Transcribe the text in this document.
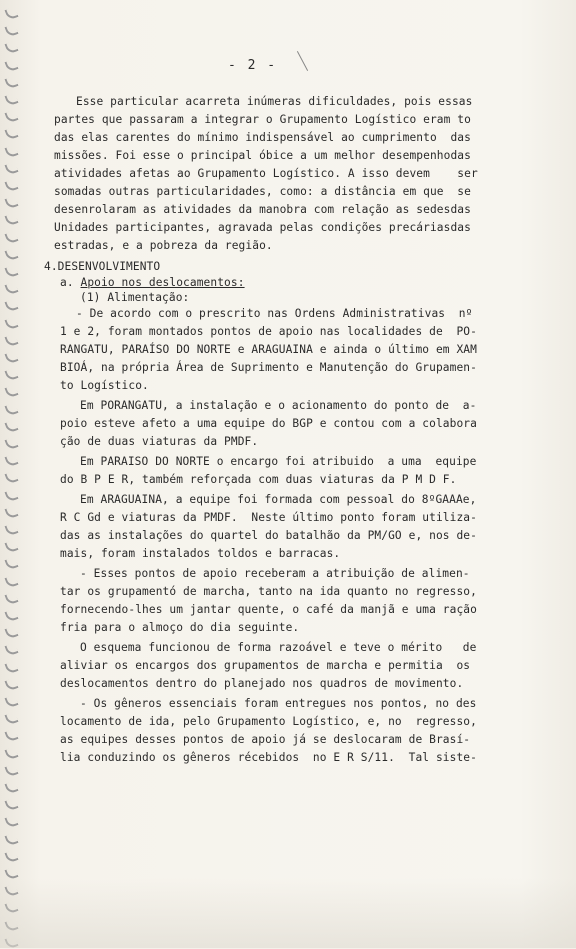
- 2 -
Esse particular acarreta inúmeras dificuldades, pois essas
partes que passaram a integrar o Grupamento Logístico eram to
das elas carentes do mínimo indispensável ao cumprimento  das
missões. Foi esse o principal óbice a um melhor desempenhodas
atividades afetas ao Grupamento Logístico. A isso devem    ser
somadas outras particularidades, como: a distância em que  se
desenrolaram as atividades da manobra com relação as sedesdas
Unidades participantes, agravada pelas condições precáriasdas
estradas, e a pobreza da região.
4.DESENVOLVIMENTO
a. Apoio nos deslocamentos:
(1) Alimentação:
- De acordo com o prescrito nas Ordens Administrativas  nº
1 e 2, foram montados pontos de apoio nas localidades de  PO-
RANGATU, PARAÍSO DO NORTE e ARAGUAINA e ainda o último em XAM
BIOÁ, na própria Área de Suprimento e Manutenção do Grupamen-
to Logístico.
Em PORANGATU, a instalação e o acionamento do ponto de  a-
poio esteve afeto a uma equipe do BGP e contou com a colabora
ção de duas viaturas da PMDF.
Em PARAISO DO NORTE o encargo foi atribuido  a uma  equipe
do B P E R, também reforçada com duas viaturas da P M D F.
Em ARAGUAINA, a equipe foi formada com pessoal do 8ºGAAAe,
R C Gd e viaturas da PMDF.  Neste último ponto foram utiliza-
das as instalações do quartel do batalhão da PM/GO e, nos de-
mais, foram instalados toldos e barracas.
- Esses pontos de apoio receberam a atribuição de alimen-
tar os grupamentó de marcha, tanto na ida quanto no regresso,
fornecendo-lhes um jantar quente, o café da manjã e uma ração
fria para o almoço do dia seguinte.
O esquema funcionou de forma razoável e teve o mérito   de
aliviar os encargos dos grupamentos de marcha e permitia  os
deslocamentos dentro do planejado nos quadros de movimento.
- Os gêneros essenciais foram entregues nos pontos, no des
locamento de ida, pelo Grupamento Logístico, e, no  regresso,
as equipes desses pontos de apoio já se deslocaram de Brasí-
lia conduzindo os gêneros récebidos  no E R S/11.  Tal siste-
